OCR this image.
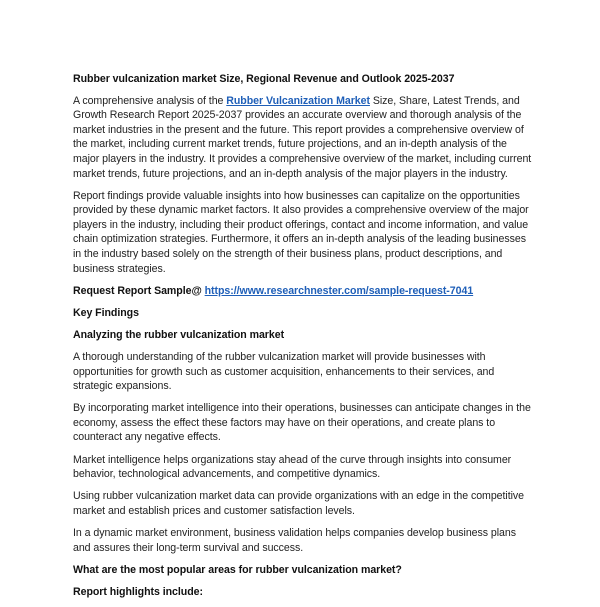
Rubber vulcanization market Size, Regional Revenue and Outlook 2025-2037

A comprehensive analysis of the Rubber Vulcanization Market Size, Share, Latest Trends, and Growth Research Report 2025-2037 provides an accurate overview and thorough analysis of the market industries in the present and the future. This report provides a comprehensive overview of the market, including current market trends, future projections, and an in-depth analysis of the major players in the industry. It provides a comprehensive overview of the market, including current market trends, future projections, and an in-depth analysis of the major players in the industry.

Report findings provide valuable insights into how businesses can capitalize on the opportunities provided by these dynamic market factors. It also provides a comprehensive overview of the major players in the industry, including their product offerings, contact and income information, and value chain optimization strategies. Furthermore, it offers an in-depth analysis of the leading businesses in the industry based solely on the strength of their business plans, product descriptions, and business strategies.

Request Report Sample@ https://www.researchnester.com/sample-request-7041

Key Findings
Analyzing the rubber vulcanization market

A thorough understanding of the rubber vulcanization market will provide businesses with opportunities for growth such as customer acquisition, enhancements to their services, and strategic expansions.

By incorporating market intelligence into their operations, businesses can anticipate changes in the economy, assess the effect these factors may have on their operations, and create plans to counteract any negative effects.

Market intelligence helps organizations stay ahead of the curve through insights into consumer behavior, technological advancements, and competitive dynamics.

Using rubber vulcanization market data can provide organizations with an edge in the competitive market and establish prices and customer satisfaction levels.

In a dynamic market environment, business validation helps companies develop business plans and assures their long-term survival and success.

What are the most popular areas for rubber vulcanization market?
Report highlights include:
